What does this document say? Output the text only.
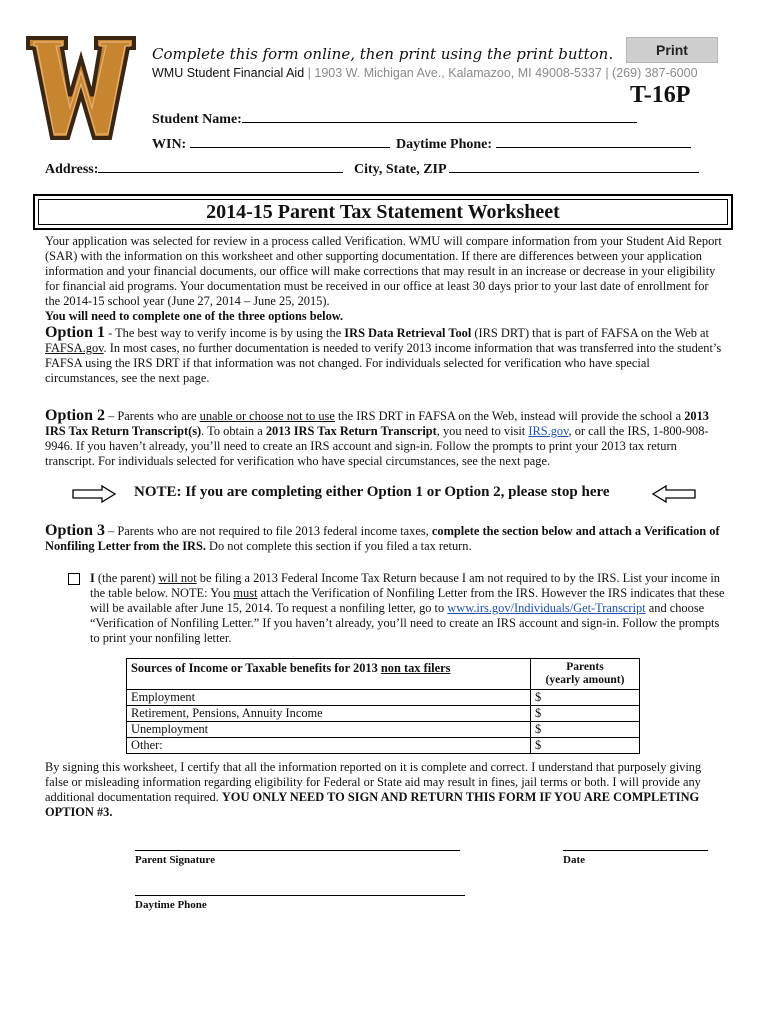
Complete this form online, then print using the print button.	Print
WMU Student Financial Aid | 1903 W. Michigan Ave., Kalamazoo, MI 49008-5337 | (269) 387-6000
T-16P
Student Name:
WIN:	Daytime Phone:
Address:	City, State, ZIP
2014-15 Parent Tax Statement Worksheet
Your application was selected for review in a process called Verification. WMU will compare information from your Student Aid Report (SAR) with the information on this worksheet and other supporting documentation. If there are differences between your application information and your financial documents, our office will make corrections that may result in an increase or decrease in your eligibility for financial aid programs. Your documentation must be received in our office at least 30 days prior to your last date of enrollment for the 2014-15 school year (June 27, 2014 – June 25, 2015).
You will need to complete one of the three options below.
Option 1 - The best way to verify income is by using the IRS Data Retrieval Tool (IRS DRT) that is part of FAFSA on the Web at FAFSA.gov. In most cases, no further documentation is needed to verify 2013 income information that was transferred into the student’s FAFSA using the IRS DRT if that information was not changed. For individuals selected for verification who have special circumstances, see the next page.
Option 2 – Parents who are unable or choose not to use the IRS DRT in FAFSA on the Web, instead will provide the school a 2013 IRS Tax Return Transcript(s). To obtain a 2013 IRS Tax Return Transcript, you need to visit IRS.gov, or call the IRS, 1-800-908-9946. If you haven’t already, you’ll need to create an IRS account and sign-in. Follow the prompts to print your 2013 tax return transcript. For individuals selected for verification who have special circumstances, see the next page.
NOTE: If you are completing either Option 1 or Option 2, please stop here
Option 3 – Parents who are not required to file 2013 federal income taxes, complete the section below and attach a Verification of Nonfiling Letter from the IRS. Do not complete this section if you filed a tax return.
I (the parent) will not be filing a 2013 Federal Income Tax Return because I am not required to by the IRS. List your income in the table below. NOTE: You must attach the Verification of Nonfiling Letter from the IRS. However the IRS indicates that these will be available after June 15, 2014. To request a nonfiling letter, go to www.irs.gov/Individuals/Get-Transcript and choose “Verification of Nonfiling Letter.” If you haven’t already, you’ll need to create an IRS account and sign-in. Follow the prompts to print your nonfiling letter.
Sources of Income or Taxable benefits for 2013 non tax filers	Parents
(yearly amount)
Employment	$
Retirement, Pensions, Annuity Income	$
Unemployment	$
Other:	$
By signing this worksheet, I certify that all the information reported on it is complete and correct. I understand that purposely giving false or misleading information regarding eligibility for Federal or State aid may result in fines, jail terms or both. I will provide any additional documentation required. YOU ONLY NEED TO SIGN AND RETURN THIS FORM IF YOU ARE COMPLETING OPTION #3.
Parent Signature	Date
Daytime Phone
